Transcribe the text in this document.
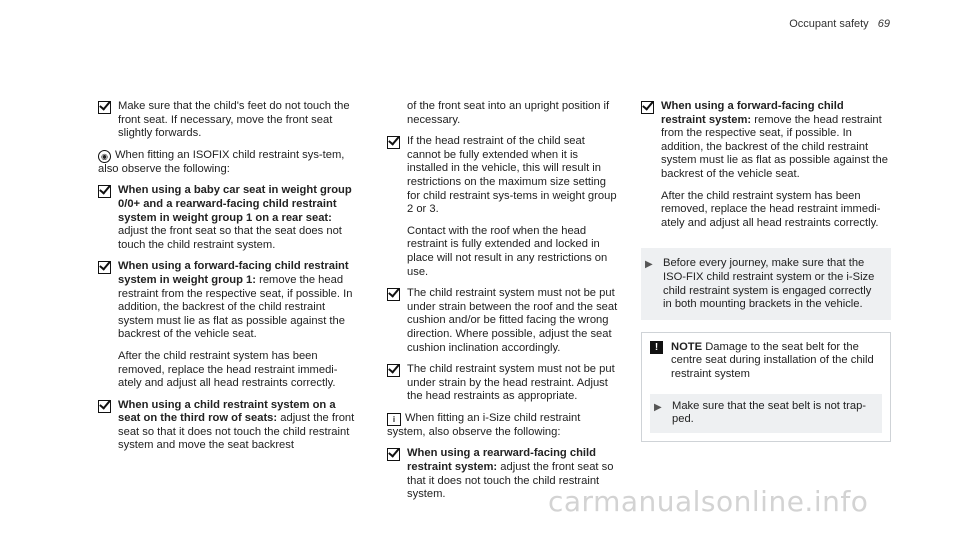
Occupant safety 69
Make sure that the child's feet do not touch the front seat. If necessary, move the front seat slightly forwards.
◉ When fitting an ISOFIX child restraint sys-tem, also observe the following:
When using a baby car seat in weight group 0/0+ and a rearward-facing child restraint system in weight group 1 on a rear seat: adjust the front seat so that the seat does not touch the child restraint system.
When using a forward-facing child restraint system in weight group 1: remove the head restraint from the respective seat, if possible. In addition, the backrest of the child restraint system must lie as flat as possible against the backrest of the vehicle seat.
After the child restraint system has been removed, replace the head restraint immedi-ately and adjust all head restraints correctly.
When using a child restraint system on a seat on the third row of seats: adjust the front seat so that it does not touch the child restraint system and move the seat backrest
of the front seat into an upright position if necessary.
If the head restraint of the child seat cannot be fully extended when it is installed in the vehicle, this will result in restrictions on the maximum size setting for child restraint sys-tems in weight group 2 or 3.
Contact with the roof when the head restraint is fully extended and locked in place will not result in any restrictions on use.
The child restraint system must not be put under strain between the roof and the seat cushion and/or be fitted facing the wrong direction. Where possible, adjust the seat cushion inclination accordingly.
The child restraint system must not be put under strain by the head restraint. Adjust the head restraints as appropriate.
i When fitting an i-Size child restraint system, also observe the following:
When using a rearward-facing child restraint system: adjust the front seat so that it does not touch the child restraint system.
When using a forward-facing child restraint system: remove the head restraint from the respective seat, if possible. In addition, the backrest of the child restraint system must lie as flat as possible against the backrest of the vehicle seat.
After the child restraint system has been removed, replace the head restraint immedi-ately and adjust all head restraints correctly.
▶ Before every journey, make sure that the ISO-FIX child restraint system or the i-Size child restraint system is engaged correctly in both mounting brackets in the vehicle.
!	NOTE Damage to the seat belt for the centre seat during installation of the child restraint system
▶ Make sure that the seat belt is not trap-ped.
carmanualsonline.info
